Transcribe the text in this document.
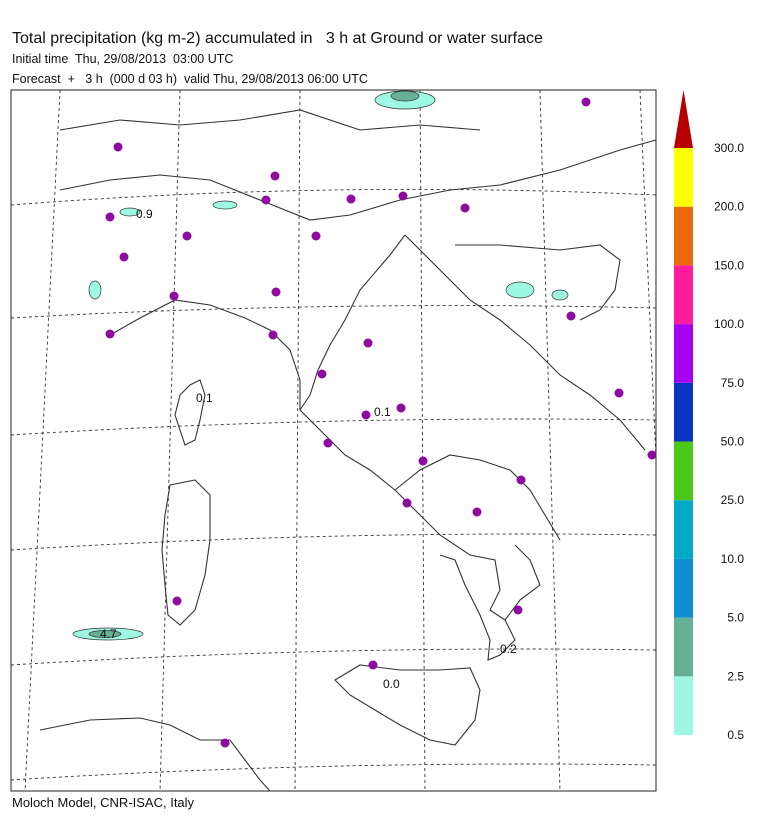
Total precipitation (kg m-2) accumulated in   3 h at Ground or water surface
Initial time  Thu, 29/08/2013  03:00 UTC
Forecast  +   3 h  (000 d 03 h)  valid Thu, 29/08/2013 06:00 UTC
0.1
0.1
0.2
0.0
0.9
4.7
0.5
2.5
5.0
10.0
25.0
50.0
75.0
100.0
150.0
200.0
300.0
Moloch Model, CNR-ISAC, Italy
